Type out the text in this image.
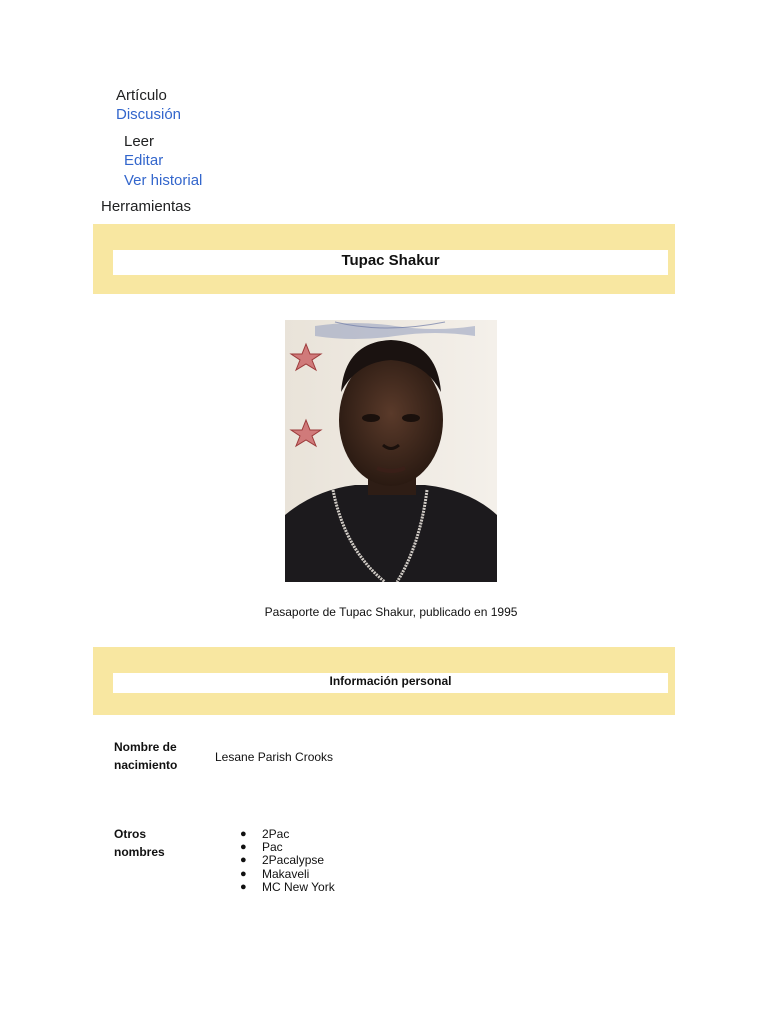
Artículo
Discusión
Leer
Editar
Ver historial
Herramientas
Tupac Shakur
Pasaporte de Tupac Shakur, publicado en 1995
Información personal
Nombre de
nacimiento
Lesane Parish Crooks
Otros
nombres
● 2Pac
● Pac
● 2Pacalypse
● Makaveli
● MC New York
